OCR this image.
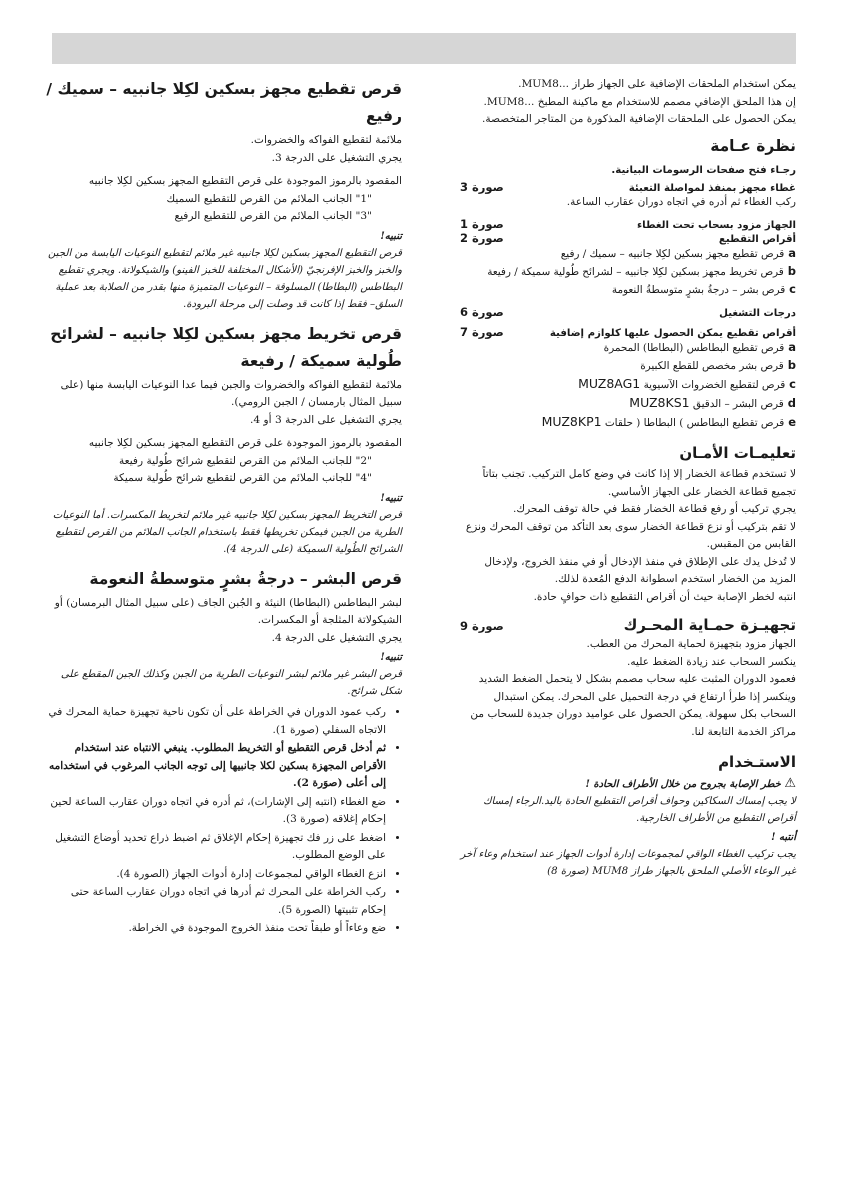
يمكن استخدام الملحقات الإضافية على الجهاز طراز ...MUM8.

إن هذا الملحق الإضافي مصمم للاستخدام مع ماكينة المطبخ ...MUM8.

يمكن الحصول على الملحقات الإضافية المذكورة من المتاجر المتخصصة.

نظرة عـامة

رجـاء فتح صفحات الرسومات البيانية.

غطاء مجهز بمنفذ لمواصلة التعبئة
صورة 3

ركب الغطاء ثم أدره في اتجاه دوران عقارب الساعة.

الجهاز مزود بسحاب تحت الغطاء
صورة 1
أقراص التقطيع
صورة 2

aقرص تقطيع مجهز بسكين لكِلا جانبيه – سميك / رفيع

bقرص تخريط مجهز بسكين لكِلا جانبيه – لشرائح طُولية سميكة / رفيعة

cقرص بشر – درجةُ بشرٍ متوسطةُ النعومة

درجات التشغيل
صورة 6
أقراص تقطيع يمكن الحصول عليها كلوازم إضافية
صورة 7

aقرص تقطيع البطاطس (البطاطا) المحمرة

bقرص بشر مخصص للقطع الكبيرة

cقرص لتقطيع الخضروات الآسيوية MUZ8AG1

dقرص البشر – الدقيق MUZ8KS1

eقرص تقطيع البطاطس ) البطاطا ( حلقات MUZ8KP1

تعليمـات الأمـان

لا تستخدم قطاعة الخضار إلا إذا كانت في وضع كامل التركيب. تجنب بتاتاً تجميع قطاعة الخضار على الجهاز الأساسي.

يجري تركيب أو رفع قطاعة الخضار فقط في حالة توقف المحرك.

لا تقم بتركيب أو نزع قطاعة الخضار سوى بعد التأكد من توقف المحرك ونزع القابس من المقبس.

لا تُدخل يدك على الإطلاق في منفذ الإدخال أو في منفذ الخروج، ولإدخال المزيد من الخضار استخدم اسطوانة الدفع المُعدة لذلك.

انتبه لخطر الإصابة حيث أن أقراص التقطيع ذات حوافٍ حادة.

تجهيـزة حمـاية المحـرك
صورة 9

الجهاز مزود بتجهيزة لحماية المحرك من العطب.

ينكسر السحاب عند زيادة الضغط عليه.

فعمود الدوران المثبت عليه سحاب مصمم بشكل لا يتحمل الضغط الشديد وينكسر إذا طرأ ارتفاع في درجة التحميل على المحرك. يمكن استبدال السحاب بكل سهولة. يمكن الحصول على عواميد دوران جديدة للسحاب من مراكز الخدمة التابعة لنا.

الاستـخدام

⚠ خطر الإصابة بجروح من خلال الأطراف الحادة !

لا يجب إمساك السكاكين وحواف أقراص التقطيع الحادة باليد.الرجاء إمساك أقراص التقطيع من الأطراف الخارجية.

أنتبه !

يجب تركيب الغطاء الواقي لمجموعات إدارة أدوات الجهاز عند استخدام وعاء آخر غير الوعاء الأصلي الملحق بالجهاز طراز MUM8 (صورة 8)

قرص تقطيع مجهز بسكين لكِلا جانبيه – سميك / رفيع

ملائمة لتقطيع الفواكه والخضروات.

يجري التشغيل على الدرجة 3.

المقصود بالرموز الموجودة على قرص التقطيع المجهز بسكين لكِلا جانبيه

"1" الجانب الملائم من القرص للتقطيع السميك

"3" الجانب الملائم من القرص للتقطيع الرفيع

تنبيه!

قرص التقطيع المجهز بسكين لكِلا جانبيه غير ملائم لتقطيع النوعيات اليابسة من الجبن والخبز والخبز الإفرنجيّ (الأشكال المختلفة للخبز الفينو) والشيكولاتة. ويجري تقطيع البطاطس (البطاطا) المسلوقة – النوعيات المتميزة منها بقدر من الصلابة بعد عملية السلق– فقط إذا كانت قد وصلت إلى مرحلة البرودة.

قرص تخريط مجهز بسكين لكِلا جانبيه – لشرائح طُولية سميكة / رفيعة

ملائمة لتقطيع الفواكه والخضروات والجبن فيما عدا النوعيات اليابسة منها (على سبيل المثال بارمسان / الجبن الرومي).

يجري التشغيل على الدرجة 3 أو 4.

المقصود بالرموز الموجودة على قرص التقطيع المجهز بسكين لكِلا جانبيه

"2" للجانب الملائم من القرص لتقطيع شرائح طُولية رفيعة

"4" للجانب الملائم من القرص لتقطيع شرائح طُولية سميكة

تنبيه!

قرص التخريط المجهز بسكين لكِلا جانبيه غير ملائم لتخريط المكسرات. أما النوعيات الطرية من الجبن فيمكن تخريطها فقط باستخدام الجانب الملائم من القرص لتقطيع الشرائح الطُولية السميكة (على الدرجة 4).

قرص البشر – درجةُ بشرٍ متوسطةُ النعومة

لبشر البطاطس (البطاطا) النيئة و الجُبن الجاف (على سبيل المثال البرمسان) أو الشيكولاتة المثلجة أو المكسرات.

يجري التشغيل على الدرجة 4.

تنبيه!

قرص البشر غير ملائم لبشر النوعيات الطرية من الجبن وكذلك الجبن المقطع على شكل شرائح.

• ركب عمود الدوران في الخراطة على أن تكون ناحية تجهيزة حماية المحرك في الاتجاه السفلي (صورة 1).
• ثم أدخل قرص التقطيع أو التخريط المطلوب. ينبغي الانتباه عند استخدام الأقراص المجهزة بسكين لكلا جانبيها إلى توجه الجانب المرغوب في استخدامه إلى أعلى (صوَرة 2).
• ضع الغطاء (انتبه إلى الإشارات)، ثم أدره في اتجاه دوران عقارب الساعة لحين إحكام إغلاقه (صورة 3).
• اضغط على زر فك تجهيزة إحكام الإغلاق ثم اضبط ذراع تحديد أوضاع التشغيل على الوضع المطلوب.
• انزع الغطاء الواقي لمجموعات إدارة أدوات الجهاز (الصورة 4).
• ركب الخراطة على المحرك ثم أدرها في اتجاه دوران عقارب الساعة حتى إحكام تثبيتها (الصورة 5).
• ضع وعاءاً أو طبقاً تحت منفذ الخروج الموجودة في الخراطة.
